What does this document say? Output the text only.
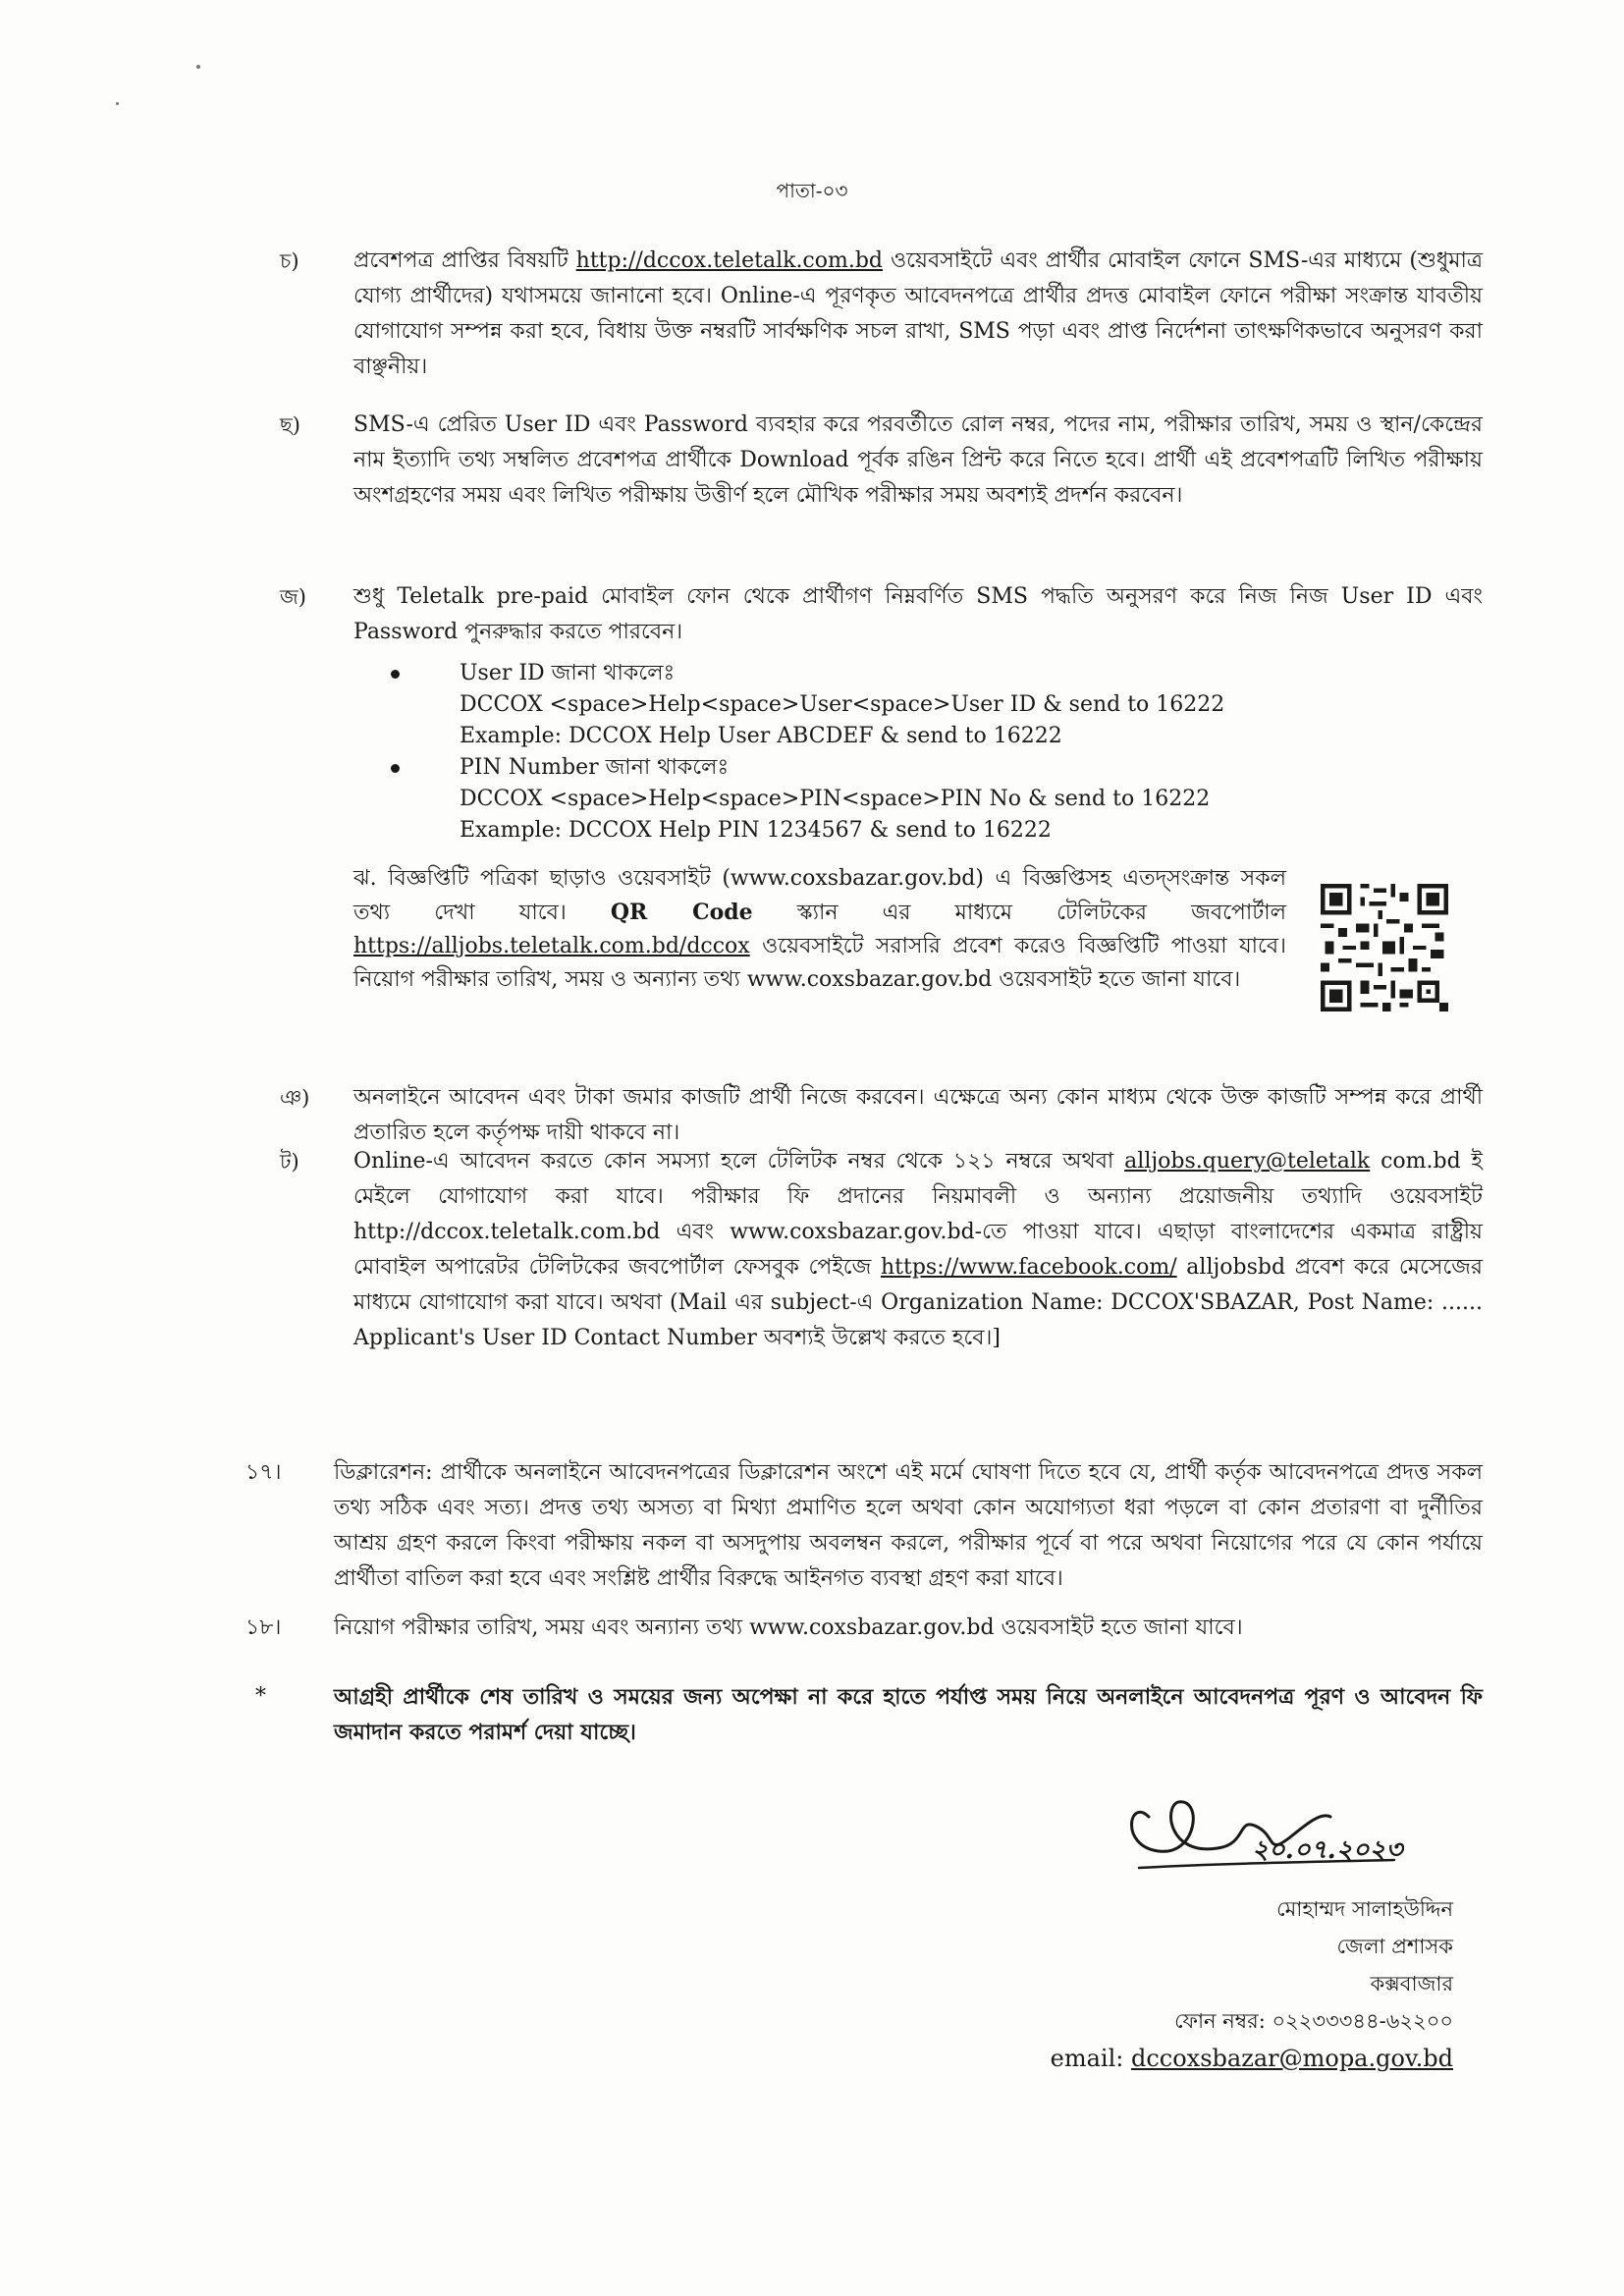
পাতা-০৩
ঝ. বিজ্ঞপ্তিটি পত্রিকা ছাড়াও ওয়েবসাইট (www.coxsbazar.gov.bd) এ বিজ্ঞপ্তিসহ এতদ্‌সংক্রান্ত সকল তথ্য দেখা যাবে। QR Code স্ক্যান এর মাধ্যমে টেলিটকের জবপোর্টাল https://alljobs.teletalk.com.bd/dccox ওয়েবসাইটে সরাসরি প্রবেশ করেও বিজ্ঞপ্তিটি পাওয়া যাবে। নিয়োগ পরীক্ষার তারিখ, সময় ও অন্যান্য তথ্য www.coxsbazar.gov.bd ওয়েবসাইট হতে জানা যাবে।
*	আগ্রহী প্রার্থীকে শেষ তারিখ ও সময়ের জন্য অপেক্ষা না করে হাতে পর্যাপ্ত সময় নিয়ে অনলাইনে আবেদনপত্র পূরণ ও আবেদন ফি জমাদান করতে পরামর্শ দেয়া যাচ্ছে।
২০.০৭.২০২৩
মোহাম্মদ সালাহউদ্দিন
জেলা প্রশাসক
কক্সবাজার
ফোন নম্বর: ০২২৩৩৩৪৪-৬২২০০
email: dccoxsbazar@mopa.gov.bd
চ)	প্রবেশপত্র প্রাপ্তির বিষয়টি http://dccox.teletalk.com.bd ওয়েবসাইটে এবং প্রার্থীর মোবাইল ফোনে SMS-এর মাধ্যমে (শুধুমাত্র যোগ্য প্রার্থীদের) যথাসময়ে জানানো হবে। Online-এ পূরণকৃত আবেদনপত্রে প্রার্থীর প্রদত্ত মোবাইল ফোনে পরীক্ষা সংক্রান্ত যাবতীয় যোগাযোগ সম্পন্ন করা হবে, বিধায় উক্ত নম্বরটি সার্বক্ষণিক সচল রাখা, SMS পড়া এবং প্রাপ্ত নির্দেশনা তাৎক্ষণিকভাবে অনুসরণ করা বাঞ্ছনীয়।
ছ) SMS-এ প্রেরিত User ID এবং Password ব্যবহার করে পরবর্তীতে রোল নম্বর, পদের নাম, পরীক্ষার তারিখ, সময় ও স্থান/কেন্দ্রের নাম ইত্যাদি তথ্য সম্বলিত প্রবেশপত্র প্রার্থীকে Download পূর্বক রঙিন প্রিন্ট করে নিতে হবে। প্রার্থী এই প্রবেশপত্রটি লিখিত পরীক্ষায় অংশগ্রহণের সময় এবং লিখিত পরীক্ষায় উত্তীর্ণ হলে মৌখিক পরীক্ষার সময় অবশ্যই প্রদর্শন করবেন।
জ) শুধু Teletalk pre-paid মোবাইল ফোন থেকে প্রার্থীগণ নিম্নবর্ণিত SMS পদ্ধতি অনুসরণ করে নিজ নিজ User ID এবং Password পুনরুদ্ধার করতে পারবেন।
User ID জানা থাকলেঃ
DCCOX <space>Help<space>User<space>User ID & send to 16222
Example: DCCOX Help User ABCDEF & send to 16222
PIN Number জানা থাকলেঃ
DCCOX <space>Help<space>PIN<space>PIN No & send to 16222
Example: DCCOX Help PIN 1234567 & send to 16222
ঞ) অনলাইনে আবেদন এবং টাকা জমার কাজটি প্রার্থী নিজে করবেন। এক্ষেত্রে অন্য কোন মাধ্যম থেকে উক্ত কাজটি সম্পন্ন করে প্রার্থী প্রতারিত হলে কর্তৃপক্ষ দায়ী থাকবে না।
ট)	Online-এ আবেদন করতে কোন সমস্যা হলে টেলিটক নম্বর থেকে ১২১ নম্বরে অথবা alljobs.query@teletalk com.bd ই মেইলে যোগাযোগ করা যাবে। পরীক্ষার ফি প্রদানের নিয়মাবলী ও অন্যান্য প্রয়োজনীয় তথ্যাদি ওয়েবসাইট http://dccox.teletalk.com.bd এবং www.coxsbazar.gov.bd-তে পাওয়া যাবে। এছাড়া বাংলাদেশের একমাত্র রাষ্ট্রীয় মোবাইল অপারেটর টেলিটকের জবপোর্টাল ফেসবুক পেইজে https://www.facebook.com/ alljobsbd প্রবেশ করে মেসেজের মাধ্যমে যোগাযোগ করা যাবে। অথবা (Mail এর subject-এ Organization Name: DCCOX'SBAZAR, Post Name: ...... Applicant's User ID Contact Number অবশ্যই উল্লেখ করতে হবে।]
১৭। ডিক্লারেশন: প্রার্থীকে অনলাইনে আবেদনপত্রের ডিক্লারেশন অংশে এই মর্মে ঘোষণা দিতে হবে যে, প্রার্থী কর্তৃক আবেদনপত্রে প্রদত্ত সকল তথ্য সঠিক এবং সত্য। প্রদত্ত তথ্য অসত্য বা মিথ্যা প্রমাণিত হলে অথবা কোন অযোগ্যতা ধরা পড়লে বা কোন প্রতারণা বা দুর্নীতির আশ্রয় গ্রহণ করলে কিংবা পরীক্ষায় নকল বা অসদুপায় অবলম্বন করলে, পরীক্ষার পূর্বে বা পরে অথবা নিয়োগের পরে যে কোন পর্যায়ে প্রার্থীতা বাতিল করা হবে এবং সংশ্লিষ্ট প্রার্থীর বিরুদ্ধে আইনগত ব্যবস্থা গ্রহণ করা যাবে।
১৮। নিয়োগ পরীক্ষার তারিখ, সময় এবং অন্যান্য তথ্য www.coxsbazar.gov.bd ওয়েবসাইট হতে জানা যাবে।
